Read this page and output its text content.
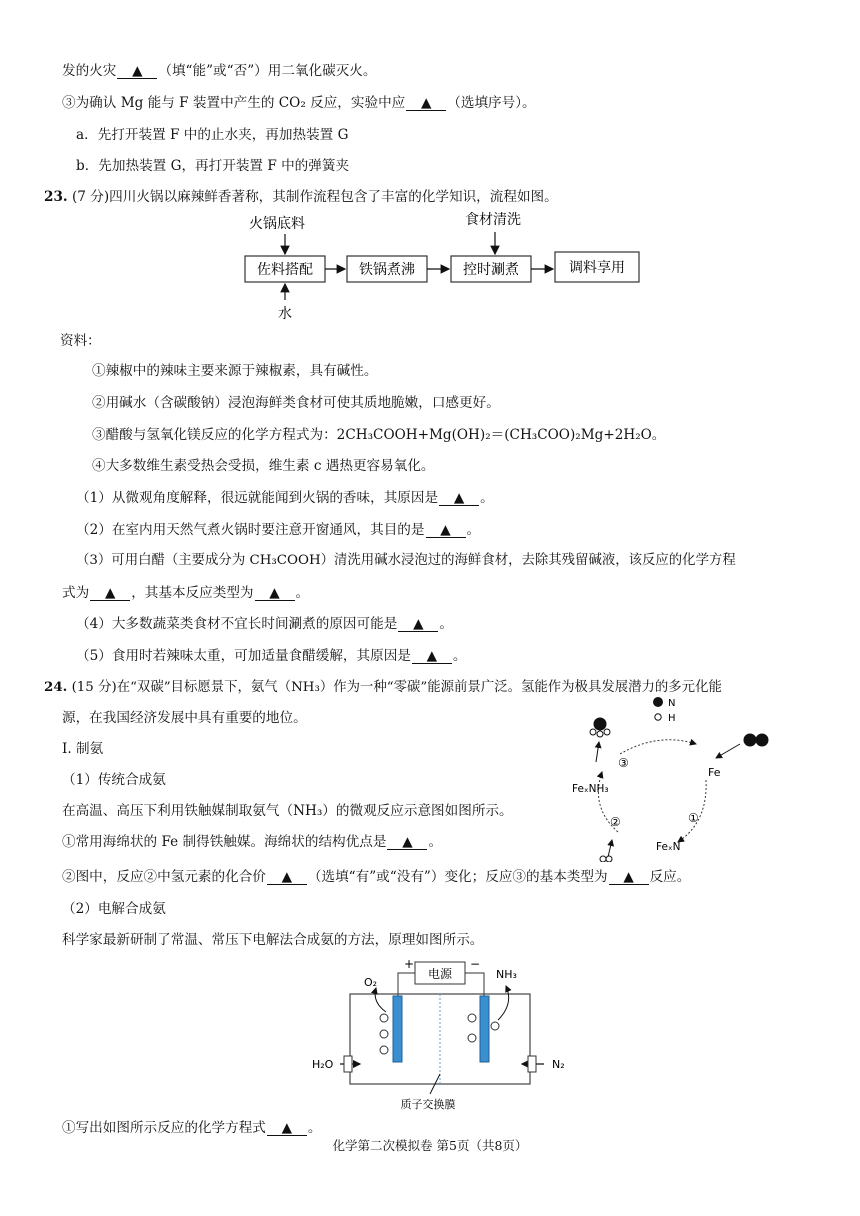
发的火灾 ▲ （填“能”或“否”）用二氧化碳灭火。
③为确认 Mg 能与 F 装置中产生的 CO₂ 反应，实验中应 ▲ （选填序号）。
a．先打开装置 F 中的止水夹，再加热装置 G
b．先加热装置 G，再打开装置 F 中的弹簧夹
23. (7 分)四川火锅以麻辣鲜香著称，其制作流程包含了丰富的化学知识，流程如图。
火锅底料	食材清洗
佐料搭配	铁锅煮沸	控时涮煮	调料享用
水
资料：
①辣椒中的辣味主要来源于辣椒素，具有碱性。
②用碱水（含碳酸钠）浸泡海鲜类食材可使其质地脆嫩，口感更好。
③醋酸与氢氧化镁反应的化学方程式为：2CH₃COOH+Mg(OH)₂＝(CH₃COO)₂Mg+2H₂O。
④大多数维生素受热会受损，维生素 c 遇热更容易氧化。
（1）从微观角度解释，很远就能闻到火锅的香味，其原因是 ▲ 。
（2）在室内用天然气煮火锅时要注意开窗通风，其目的是 ▲ 。
（3）可用白醋（主要成分为 CH₃COOH）清洗用碱水浸泡过的海鲜食材，去除其残留碱液，该反应的化学方程
式为 ▲ ，其基本反应类型为 ▲ 。
（4）大多数蔬菜类食材不宜长时间涮煮的原因可能是 ▲ 。
（5）食用时若辣味太重，可加适量食醋缓解，其原因是 ▲ 。
24. (15 分)在“双碳”目标愿景下，氨气（NH₃）作为一种“零碳”能源前景广泛。氢能作为极具发展潜力的多元化能
源，在我国经济发展中具有重要的地位。
I. 制氨
（1）传统合成氨
在高温、高压下利用铁触媒制取氨气（NH₃）的微观反应示意图如图所示。
①常用海绵状的 Fe 制得铁触媒。海绵状的结构优点是 ▲ 。
②图中，反应②中氢元素的化合价 ▲ （选填“有”或“没有”）变化；反应③的基本类型为 ▲ 反应。
（2）电解合成氨
科学家最新研制了常温、常压下电解法合成氨的方法，原理如图所示。
N
H
Fe
FeₓNH₃
FeₓN
③
①
②
电源
+	−
O₂
NH₃
H₂O	N₂
质子交换膜
①写出如图所示反应的化学方程式 ▲ 。
化学第二次模拟卷 第5页（共8页）
